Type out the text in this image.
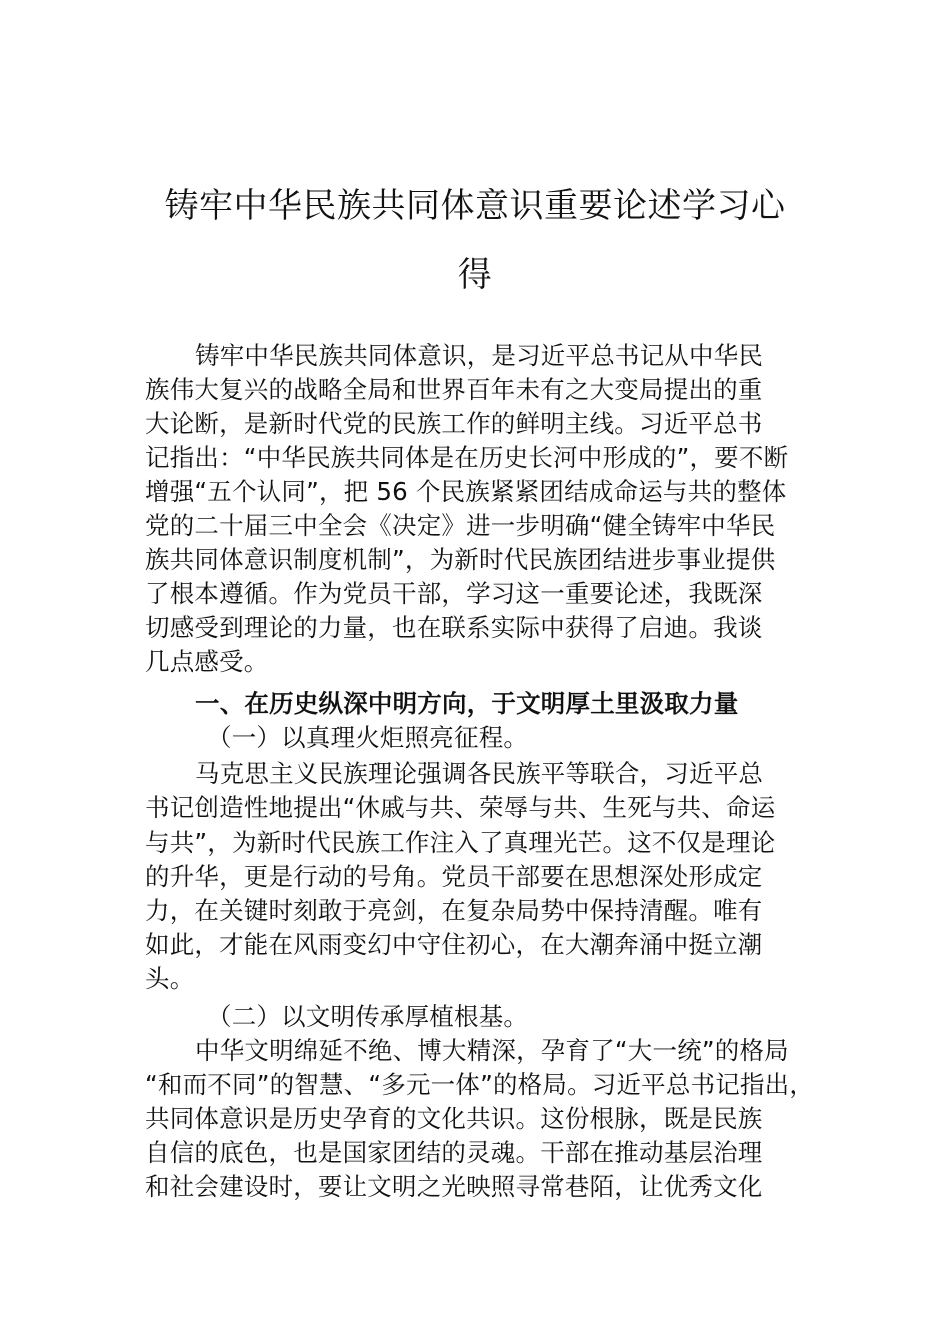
铸牢中华民族共同体意识重要论述学习心
得
铸牢中华民族共同体意识，是习近平总书记从中华民
族伟大复兴的战略全局和世界百年未有之大变局提出的重
大论断，是新时代党的民族工作的鲜明主线。习近平总书
记指出：“中华民族共同体是在历史长河中形成的”，要不断
增强“五个认同”，把 56 个民族紧紧团结成命运与共的整体
党的二十届三中全会《决定》进一步明确“健全铸牢中华民
族共同体意识制度机制”，为新时代民族团结进步事业提供
了根本遵循。作为党员干部，学习这一重要论述，我既深
切感受到理论的力量，也在联系实际中获得了启迪。我谈
几点感受。
一、在历史纵深中明方向，于文明厚土里汲取力量
（一）以真理火炬照亮征程。
马克思主义民族理论强调各民族平等联合，习近平总
书记创造性地提出“休戚与共、荣辱与共、生死与共、命运
与共”，为新时代民族工作注入了真理光芒。这不仅是理论
的升华，更是行动的号角。党员干部要在思想深处形成定
力，在关键时刻敢于亮剑，在复杂局势中保持清醒。唯有
如此，才能在风雨变幻中守住初心，在大潮奔涌中挺立潮
头。
（二）以文明传承厚植根基。
中华文明绵延不绝、博大精深，孕育了“大一统”的格局
“和而不同”的智慧、“多元一体”的格局。习近平总书记指出，
共同体意识是历史孕育的文化共识。这份根脉，既是民族
自信的底色，也是国家团结的灵魂。干部在推动基层治理
和社会建设时，要让文明之光映照寻常巷陌，让优秀文化
